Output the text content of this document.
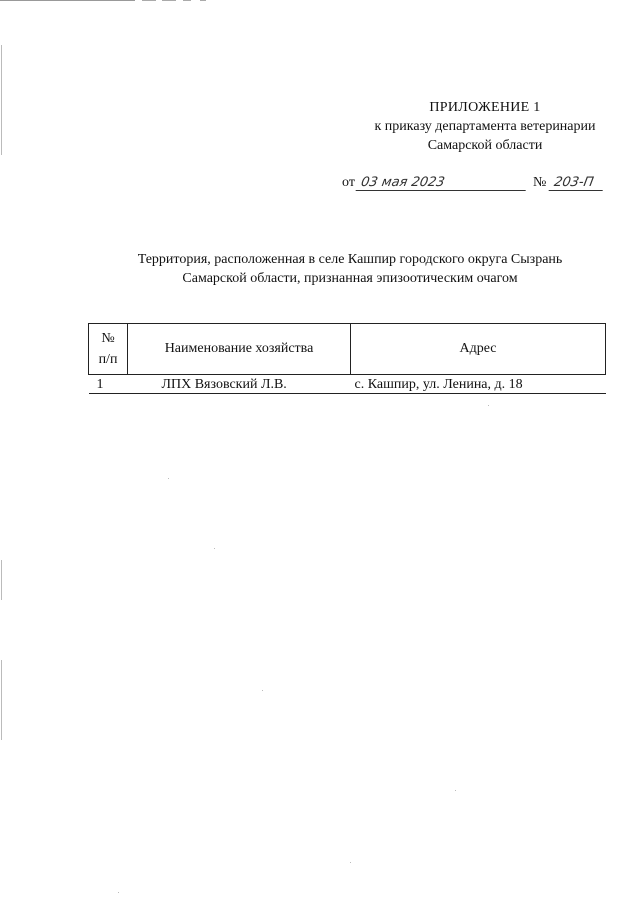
ПРИЛОЖЕНИЕ 1
к приказу департамента ветеринарии
Самарской области
от 03 мая 2023	№ 203-П
Территория, расположенная в селе Кашпир городского округа Сызрань
Самарской области, признанная эпизоотическим очагом
№
п/п	Наименование хозяйства	Адрес
1	ЛПХ Вязовский Л.В.	с. Кашпир, ул. Ленина, д. 18
